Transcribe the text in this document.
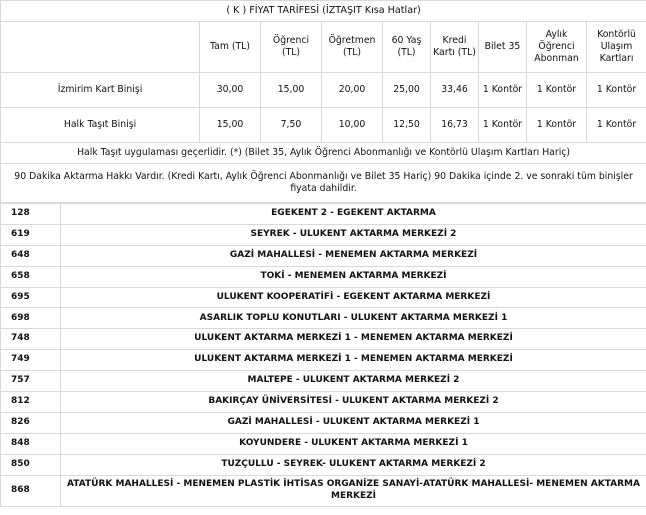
( K ) FİYAT TARİFESİ (İZTAŞIT Kısa Hatlar)								
	Tam (TL)	Öğrenci (TL)	Öğretmen (TL)	60 Yaş (TL)	Kredi Kartı (TL)	Bilet 35	Aylık Öğrenci Abonman	Kontörlü Ulaşım Kartları
İzmirim Kart Binişi	30,00	15,00	20,00	25,00	33,46	1 Kontör	1 Kontör	1 Kontör
Halk Taşıt Binişi	15,00	7,50	10,00	12,50	16,73	1 Kontör	1 Kontör	1 Kontör
Halk Taşıt uygulaması geçerlidir. (*) (Bilet 35, Aylık Öğrenci Abonmanlığı ve Kontörlü Ulaşım Kartları Hariç)								
90 Dakika Aktarma Hakkı Vardır. (Kredi Kartı, Aylık Öğrenci Abonmanlığı ve Bilet 35 Hariç) 90 Dakika içinde 2. ve sonraki tüm binişler fiyata dahildir.								
128	EGEKENT 2 - EGEKENT AKTARMA
619	SEYREK - ULUKENT AKTARMA MERKEZİ 2
648	GAZİ MAHALLESİ - MENEMEN AKTARMA MERKEZİ
658	TOKİ - MENEMEN AKTARMA MERKEZİ
695	ULUKENT KOOPERATİFİ - EGEKENT AKTARMA MERKEZİ
698	ASARLIK TOPLU KONUTLARI - ULUKENT AKTARMA MERKEZİ 1
748	ULUKENT AKTARMA MERKEZİ 1 - MENEMEN AKTARMA MERKEZİ
749	ULUKENT AKTARMA MERKEZİ 1 - MENEMEN AKTARMA MERKEZİ
757	MALTEPE - ULUKENT AKTARMA MERKEZİ 2
812	BAKIRÇAY ÜNİVERSİTESİ - ULUKENT AKTARMA MERKEZİ 2
826	GAZİ MAHALLESİ - ULUKENT AKTARMA MERKEZİ 1
848	KOYUNDERE - ULUKENT AKTARMA MERKEZİ 1
850	TUZÇULLU - SEYREK- ULUKENT AKTARMA MERKEZİ 2
868	ATATÜRK MAHALLESİ - MENEMEN PLASTİK İHTİSAS ORGANİZE SANAYİ-ATATÜRK MAHALLESİ- MENEMEN AKTARMA MERKEZİ
